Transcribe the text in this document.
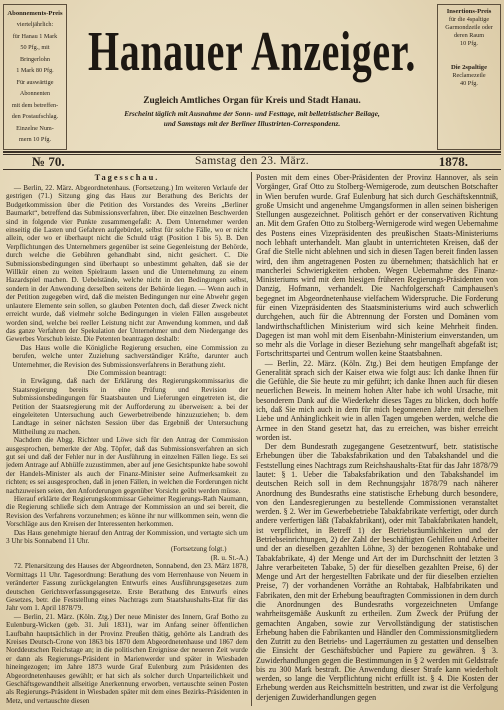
Abonnements-Preis
vierteljährlich:
für Hanau 1 Mark
50 Pfg., mit
Bringerlohn
1 Mark 80 Pfg.
Für auswärtige
Abonnenten
mit dem betreffen-
den Postaufschlag.
Einzelne Num-
mern 10 Pfg.
Insertions-Preis
für die 4spaltige
Garmondzeile oder
deren Raum
10 Pfg.
Die 2spaltige
Reclamezeile
40 Pfg.
Hanauer Anzeiger.
Zugleich Amtliches Organ für Kreis und Stadt Hanau.
Erscheint täglich mit Ausnahme der Sonn- und Festtage, mit belletristischer Beilage,
und Samstags mit der Berliner Illustrirten-Correspondenz.
№ 70.	Samstag den 23. März.	1878.
Tagesschau.

— Berlin, 22. März. Abgeordnetenhaus. (Fortsetzung.) Im weiteren Verlaufe der gestrigen (71.) Sitzung ging das Haus zur Berathung des Berichts der Budgetkommission über die Petition des Vorstandes des Vereins „Berliner Baumarkt“, betreffend das Submissionsverfahren, über. Die einzelnen Beschwerden sind in folgende vier Punkte zusammengefaßt: A. Dem Unternehmer werden einseitig die Lasten und Gefahren aufgebürdet, selbst für solche Fälle, wo er nicht allein, oder wo er überhaupt nicht die Schuld trägt (Position 1 bis 5). B. Den Verpflichtungen des Unternehmers gegenüber ist seine Gegenleistung der Behörde, durch welche die Gebühren gehandhabt sind, nicht gesichert. C. Die Submissionsbedingungen sind überhaupt so unbestimmt gehalten, daß sie der Willkür einen zu weiten Spielraum lassen und die Unternehmung zu einem Hazardspiel machen. D. Uebelstände, welche nicht in den Bedingungen selbst, sondern in der Anwendung derselben seitens der Behörde liegen. — Wenn auch in der Petition zugegeben wird, daß die meisten Bedingungen nur eine Abwehr gegen unlautere Elemente sein sollen, so glauben Petenten doch, daß dieser Zweck nicht erreicht wurde, daß vielmehr solche Bedingungen in vielen Fällen ausgebeutet worden sind, welche bei reeller Leistung nicht zur Anwendung kommen, und daß das ganze Verfahren der Spekulation der Unternehmer und dem Niedergange des Gewerbes Vorschub leiste. Die Petenten beantragen deshalb:

Das Haus wolle die Königliche Regierung ersuchen, eine Commission zu berufen, welche unter Zuziehung sachverständiger Kräfte, darunter auch Unternehmer, die Revision des Submissionsverfahrens in Berathung zieht.

Die Commission beantragt:

in Erwägung, daß nach der Erklärung des Regierungskommissarius die Staatsregierung bereits in eine Prüfung und Revision der Submissionsbedingungen für Staatsbauten und Lieferungen eingetreten ist, die Petition der Staatsregierung mit der Aufforderung zu überweisen: a. bei der eingeleiteten Untersuchung auch Gewerbetreibende hinzuzuziehen; b. dem Landtage in seiner nächsten Session über das Ergebniß der Untersuchung Mittheilung zu machen.

Nachdem die Abgg. Richter und Löwe sich für den Antrag der Commission ausgesprochen, bemerkte der Abg. Töpfer, daß das Submissionsverfahren an sich gut sei und daß der Fehler nur in der Ausführung in einzelnen Fällen liege. Es sei jedem Antrage auf Abhülfe zuzustimmen, aber auf jene Gesichtspunkte habe sowohl der Handels-Minister als auch der Finanz-Minister seine Aufmerksamkeit zu richten; es sei ausgesprochen, daß in jenen Fällen, in welchen die Forderungen nicht nachzuweisen seien, den Anforderungen gegenüber Vorsicht geübt werden müsse.

Hierauf erklärte der Regierungskommissar Geheimer Regierungs-Rath Naumann, die Regierung schließe sich dem Antrage der Kommission an und sei bereit, die Revision des Verfahrens vorzunehmen; es könne ihr nur willkommen sein, wenn die Vorschläge aus den Kreisen der Interessenten herkommen.

Das Haus genehmigte hierauf den Antrag der Kommission, und vertagte sich um 3 Uhr bis Sonnabend 11 Uhr.

(Fortsetzung folgt.)

(R. u. St.-A.)

72. Plenarsitzung des Hauses der Abgeordneten, Sonnabend, den 23. März 1878, Vormittags 11 Uhr. Tagesordnung: Berathung des vom Herrenhause von Neuem in veränderter Fassung zurückgelangten Entwurfs eines Ausführungsgesetzes zum deutschen Gerichtsverfassungsgesetze. Erste Berathung des Entwurfs eines Gesetzes, betr. die Feststellung eines Nachtrags zum Staatshaushalts-Etat für das Jahr vom 1. April 1878/79.

— Berlin, 21. März. (Köln. Ztg.) Der neue Minister des Innern, Graf Botho zu Eulenburg-Wicken (geb. 31. Juli 1831), war im Anfang seiner öffentlichen Laufbahn hauptsächlich in der Provinz Preußen thätig, gehörte als Landrath des Kreises Deutsch-Crone von 1863 bis 1870 dem Abgeordnetenhause und 1867 dem Norddeutschen Reichstage an; in die politischen Ereignisse der neueren Zeit wurde er dann als Regierungs-Präsident in Marienwerder und später in Wiesbaden hineingezogen; im Jahre 1873 wurde Graf Eulenburg zum Präsidenten des Abgeordnetenhauses gewählt; er hat sich als solcher durch Unparteilichkeit und Geschäftsgewandtheit allseitige Anerkennung erworben, vertauschte seinen Posten als Regierungs-Präsident in Wiesbaden später mit dem eines Bezirks-Präsidenten in Metz, und vertauschte diesen

Posten mit dem eines Ober-Präsidenten der Provinz Hannover, als sein Vorgänger, Graf Otto zu Stolberg-Wernigerode, zum deutschen Botschafter in Wien berufen wurde. Graf Eulenburg hat sich durch Geschäftskenntniß, große Umsicht und angenehme Umgangsformen in allen seinen bisherigen Stellungen ausgezeichnet. Politisch gehört er der conservativen Richtung an. Mit dem Grafen Otto zu Stolberg-Wernigerode wird wegen Uebernahme des Postens eines Vizepräsidenten des preußischen Staats-Ministeriums noch lebhaft unterhandelt. Man glaubt in unterrichteten Kreisen, daß der Graf die Stelle nicht ablehnen und sich in diesen Tagen bereit finden lassen wird, den ihm angetragenen Posten zu übernehmen; thatsächlich hat er mancherlei Schwierigkeiten erhoben. Wegen Uebernahme des Finanz-Ministeriums wird mit dem hiesigen früheren Regierungs-Präsidenten von Danzig, Hofmann, verhandelt. Die Nachfolgerschaft Camphausen's begegnet im Abgeordnetenhause vielfachem Widerspruche. Die Forderung für einen Vizepräsidenten des Staatsministeriums wird auch schwerlich durchgehen, auch für die Abtrennung der Forsten und Domänen vom landwirthschaftlichen Ministerium wird sich keine Mehrheit finden. Dagegen ist man wohl mit dem Eisenbahn-Ministerium einverstanden, um so mehr als die Vorlage in dieser Beziehung sehr mangelhaft abgefaßt ist; Fortschrittspartei und Centrum wollen keine Staatsbahnen.

— Berlin, 22. März. (Köln. Ztg.) Bei dem heutigen Empfange der Generalität sprach sich der Kaiser etwa wie folgt aus: Ich danke Ihnen für die Gefühle, die Sie heute zu mir geführt; ich danke Ihnen auch für diesen neuerlichen Beweis. In meinem hohen Alter habe ich wohl Ursache, mit besonderem Dank auf die Wiederkehr dieses Tages zu blicken, doch hoffe ich, daß Sie mich auch in dem für mich begonnenen Jahre mit derselben Liebe und Anhänglichkeit wie in allen Tagen umgeben werden, welche die Armee in den Stand gesetzt hat, das zu erreichen, was bisher erreicht worden ist.

Der dem Bundesrath zugegangene Gesetzentwurf, betr. statistische Erhebungen über die Tabaksfabrikation und den Tabakshandel und die Feststellung eines Nachtrags zum Reichshaushalts-Etat für das Jahr 1878/79 lautet: § 1. Ueber die Tabaksfabrikation und den Tabakshandel im deutschen Reich soll in dem Rechnungsjahr 1878/79 nach näherer Anordnung des Bundesraths eine statistische Erhebung durch besondere, von den Landesregierungen zu bestellende Commissionen veranstaltet werden. § 2. Wer im Gewerbebetriebe Tabakfabrikate verfertigt, oder durch andere verfertigen läßt (Tabakfabrikant), oder mit Tabakfabrikaten handelt, ist verpflichtet, in Betreff 1) der Betriebsräumlichkeiten und der Betriebseinrichtungen, 2) der Zahl der beschäftigten Gehilfen und Arbeiter und der an dieselben gezahlten Löhne, 3) der bezogenen Rohtabake und Tabakfabrikate, 4) der Menge und Art der im Durchschnitt der letzten 3 Jahre verarbeiteten Tabake, 5) der für dieselben gezahlten Preise, 6) der Menge und Art der hergestellten Fabrikate und der für dieselben erzielten Preise, 7) der vorhandenen Vorräthe an Rohtabak, Halbfabrikaten und Fabrikaten, den mit der Erhebung beauftragten Commissionen in dem durch die Anordnungen des Bundesraths vorgezeichneten Umfange wahrheitsgemäße Auskunft zu ertheilen. Zum Zweck der Prüfung der gemachten Angaben, sowie zur Vervollständigung der statistischen Erhebung haben die Fabrikanten und Händler den Commissionsmitgliedern den Zutritt zu den Betriebs- und Lagerräumen zu gestatten und denselben die Einsicht der Geschäftsbücher und Papiere zu gewähren. § 3. Zuwiderhandlungen gegen die Bestimmungen in § 2 werden mit Geldstrafe bis zu 300 Mark bestraft. Die Anwendung dieser Strafe kann wiederholt werden, so lange die Verpflichtung nicht erfüllt ist. § 4. Die Kosten der Erhebung werden aus Reichsmitteln bestritten, und zwar ist die Verfolgung derjenigen Zuwiderhandlungen gegen
